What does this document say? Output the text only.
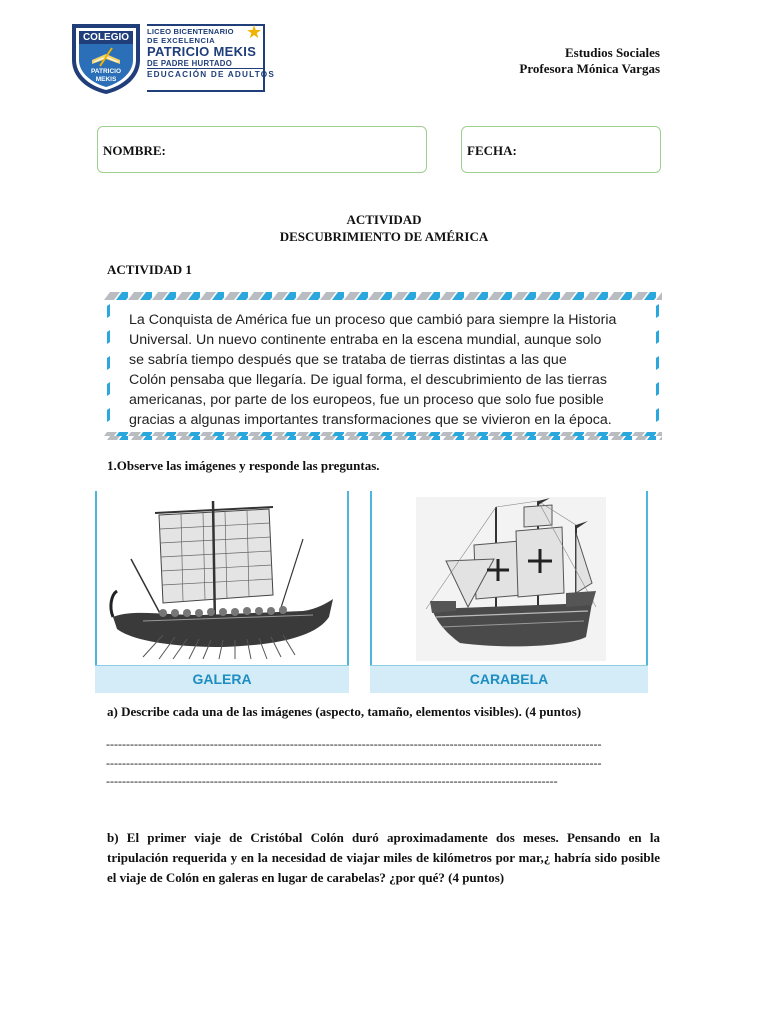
COLEGIO
PATRICIO
MEKIS
LICEO BICENTENARIO
DE EXCELENCIA
PATRICIO MEKIS
DE PADRE HURTADO
EDUCACIÓN DE ADULTOS
★
Estudios Sociales
Profesora Mónica Vargas
NOMBRE:	FECHA:
ACTIVIDAD
DESCUBRIMIENTO DE AMÉRICA
ACTIVIDAD 1
La Conquista de América fue un proceso que cambió para siempre la Historia
Universal. Un nuevo continente entraba en la escena mundial, aunque solo
se sabría tiempo después que se trataba de tierras distintas a las que
Colón pensaba que llegaría. De igual forma, el descubrimiento de las tierras
americanas, por parte de los europeos, fue un proceso que solo fue posible
gracias a algunas importantes transformaciones que se vivieron en la época.
1.Observe las imágenes y responde las preguntas.
GALERA	CARABELA
a) Describe cada una de las imágenes (aspecto, tamaño, elementos visibles). (4 puntos)
----------------------------------------------------------------------------------------------------------------------------
----------------------------------------------------------------------------------------------------------------------------
-----------------------------------------------------------------------------------------------------------------
b) El primer viaje de Cristóbal Colón duró aproximadamente dos meses. Pensando en la tripulación requerida y en la necesidad de viajar miles de kilómetros por mar,¿ habría sido posible el viaje de Colón en galeras en lugar de carabelas? ¿por qué? (4 puntos)
